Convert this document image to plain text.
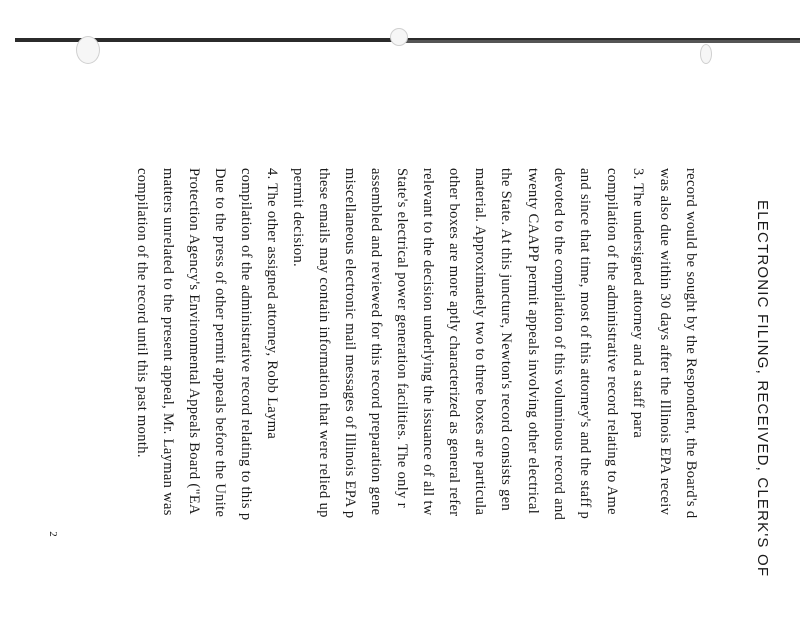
ELECTRONIC FILING, RECEIVED, CLERK'S OF
record would be sought by the Respondent, the Board's d
was also due within 30 days after the Illinois EPA receiv
3. The undersigned attorney and a staff para
compilation of the administrative record relating to Ame
and since that time, most of this attorney's and the staff p
devoted to the compilation of this voluminous record and
twenty CAAPP permit appeals involving other electrical
the State. At this juncture, Newton's record consists gen
material. Approximately two to three boxes are particula
other boxes are more aptly characterized as general refer
relevant to the decision underlying the issuance of all tw
State's electrical power generation facilities. The only r
assembled and reviewed for this record preparation gene
miscellaneous electronic mail messages of Illinois EPA p
these emails may contain information that were relied up
permit decision.
4. The other assigned attorney, Robb Layma
compilation of the administrative record relating to this p
Due to the press of other permit appeals before the Unite
Protection Agency's Environmental Appeals Board ("EA
matters unrelated to the present appeal, Mr. Layman was
compilation of the record until this past month.
2
